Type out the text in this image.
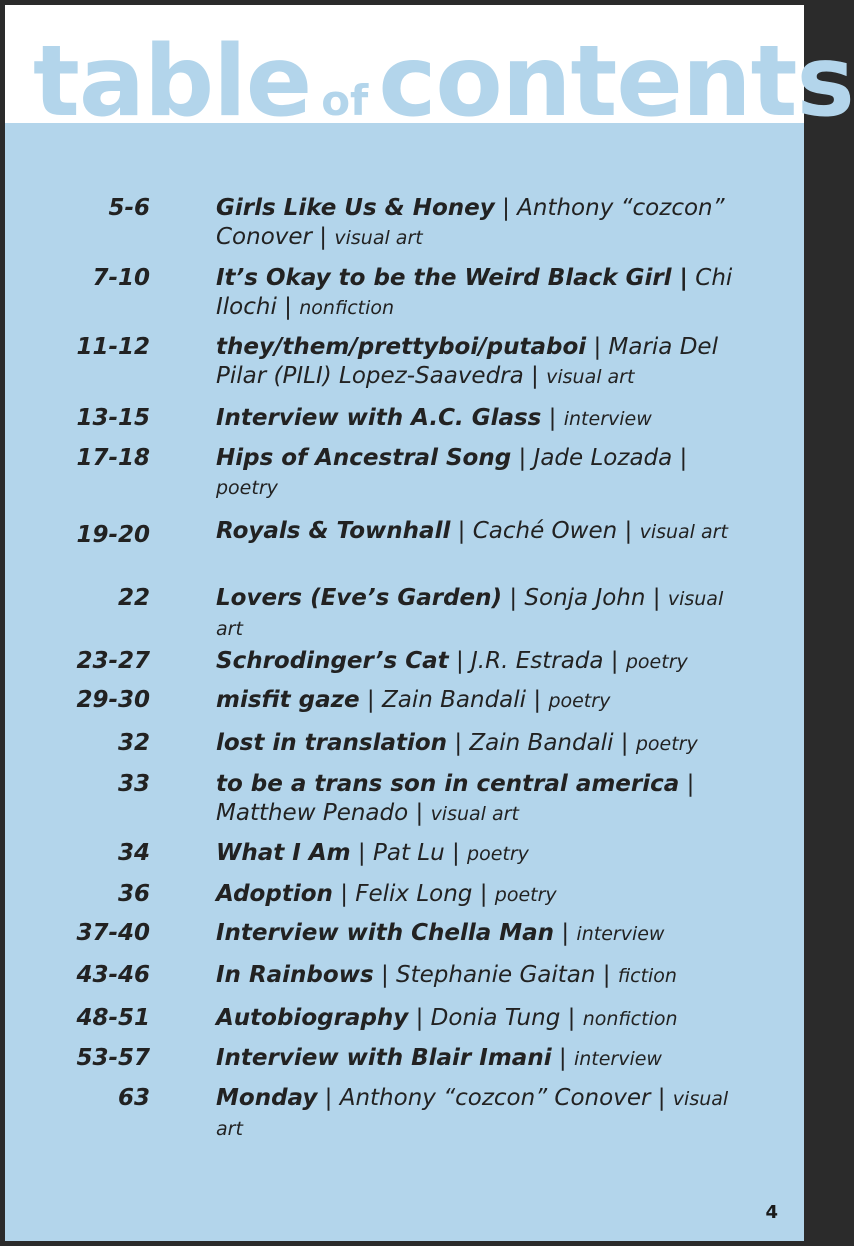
table of contents
5-6	Girls Like Us & Honey | Anthony “cozcon” Conover | visual art
7-10	It’s Okay to be the Weird Black Girl | Chi Ilochi | nonfiction
11-12	they/them/prettyboi/putaboi | Maria Del Pilar (PILI) Lopez-Saavedra | visual art
13-15	Interview with A.C. Glass | interview
17-18	Hips of Ancestral Song | Jade Lozada | poetry
19-20	Royals & Townhall | Caché Owen | visual art
22	Lovers (Eve’s Garden) | Sonja John | visual art
23-27	Schrodinger’s Cat | J.R. Estrada | poetry
29-30	misfit gaze | Zain Bandali | poetry
32	lost in translation | Zain Bandali | poetry
33	to be a trans son in central america | Matthew Penado | visual art
34	What I Am | Pat Lu | poetry
36	Adoption | Felix Long | poetry
37-40	Interview with Chella Man | interview
43-46	In Rainbows | Stephanie Gaitan | fiction
48-51	Autobiography | Donia Tung | nonfiction
53-57	Interview with Blair Imani | interview
63	Monday | Anthony “cozcon” Conover | visual art
4
